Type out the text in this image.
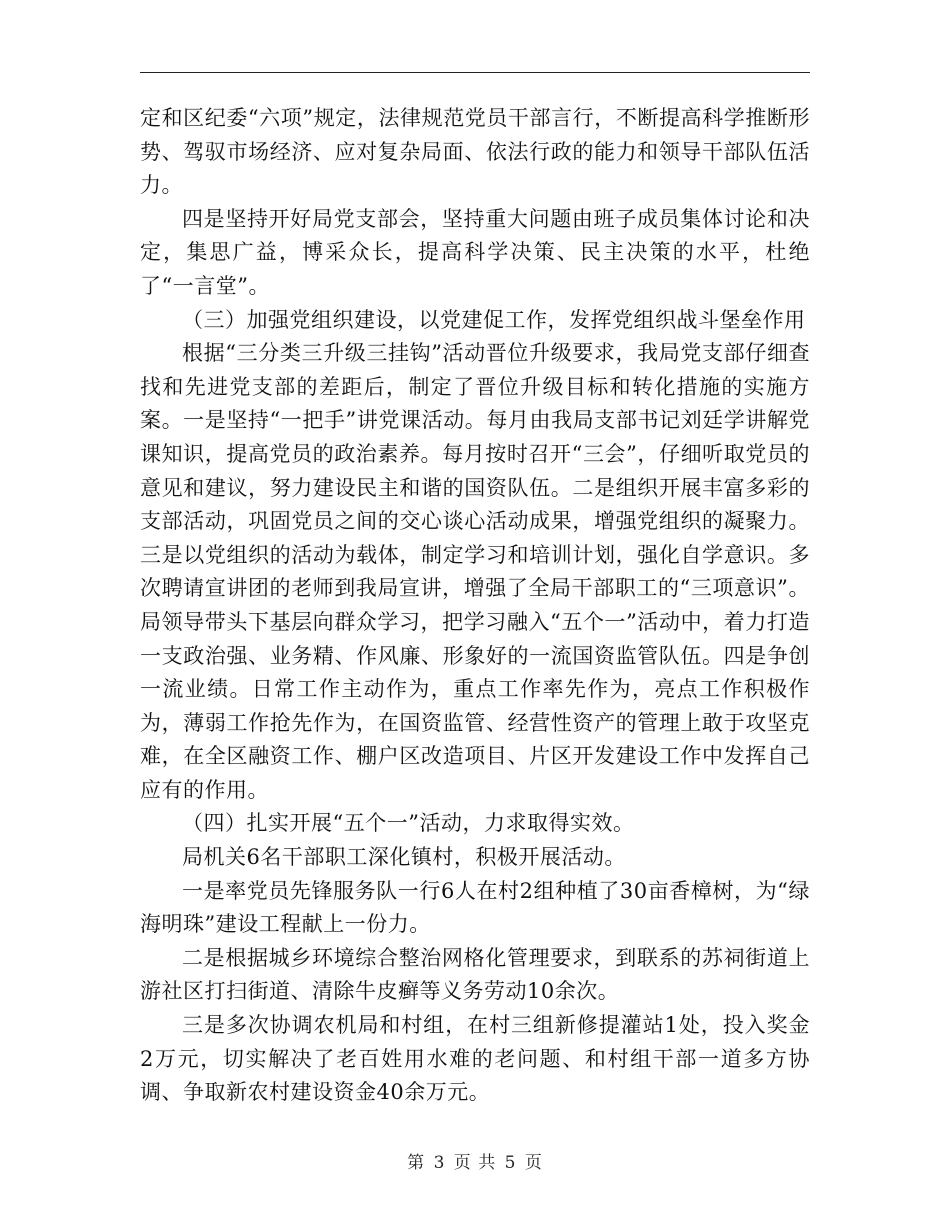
定和区纪委“六项”规定，法律规范党员干部言行，不断提高科学推断形势、驾驭市场经济、应对复杂局面、依法行政的能力和领导干部队伍活力。

四是坚持开好局党支部会，坚持重大问题由班子成员集体讨论和决定，集思广益，博采众长，提高科学决策、民主决策的水平，杜绝了“一言堂”。

（三）加强党组织建设，以党建促工作，发挥党组织战斗堡垒作用

根据“三分类三升级三挂钩”活动晋位升级要求，我局党支部仔细查找和先进党支部的差距后，制定了晋位升级目标和转化措施的实施方案。一是坚持“一把手”讲党课活动。每月由我局支部书记刘廷学讲解党课知识，提高党员的政治素养。每月按时召开“三会”，仔细听取党员的意见和建议，努力建设民主和谐的国资队伍。二是组织开展丰富多彩的支部活动，巩固党员之间的交心谈心活动成果，增强党组织的凝聚力。三是以党组织的活动为载体，制定学习和培训计划，强化自学意识。多次聘请宣讲团的老师到我局宣讲，增强了全局干部职工的“三项意识”。局领导带头下基层向群众学习，把学习融入“五个一”活动中，着力打造一支政治强、业务精、作风廉、形象好的一流国资监管队伍。四是争创一流业绩。日常工作主动作为，重点工作率先作为，亮点工作积极作为，薄弱工作抢先作为，在国资监管、经营性资产的管理上敢于攻坚克难，在全区融资工作、棚户区改造项目、片区开发建设工作中发挥自己应有的作用。

（四）扎实开展“五个一”活动，力求取得实效。

局机关6名干部职工深化镇村，积极开展活动。

一是率党员先锋服务队一行6人在村2组种植了30亩香樟树，为“绿海明珠”建设工程献上一份力。

二是根据城乡环境综合整治网格化管理要求，到联系的苏祠街道上游社区打扫街道、清除牛皮癣等义务劳动10余次。

三是多次协调农机局和村组，在村三组新修提灌站1处，投入奖金2万元，切实解决了老百姓用水难的老问题、和村组干部一道多方协调、争取新农村建设资金40余万元。

第 3 页 共 5 页
